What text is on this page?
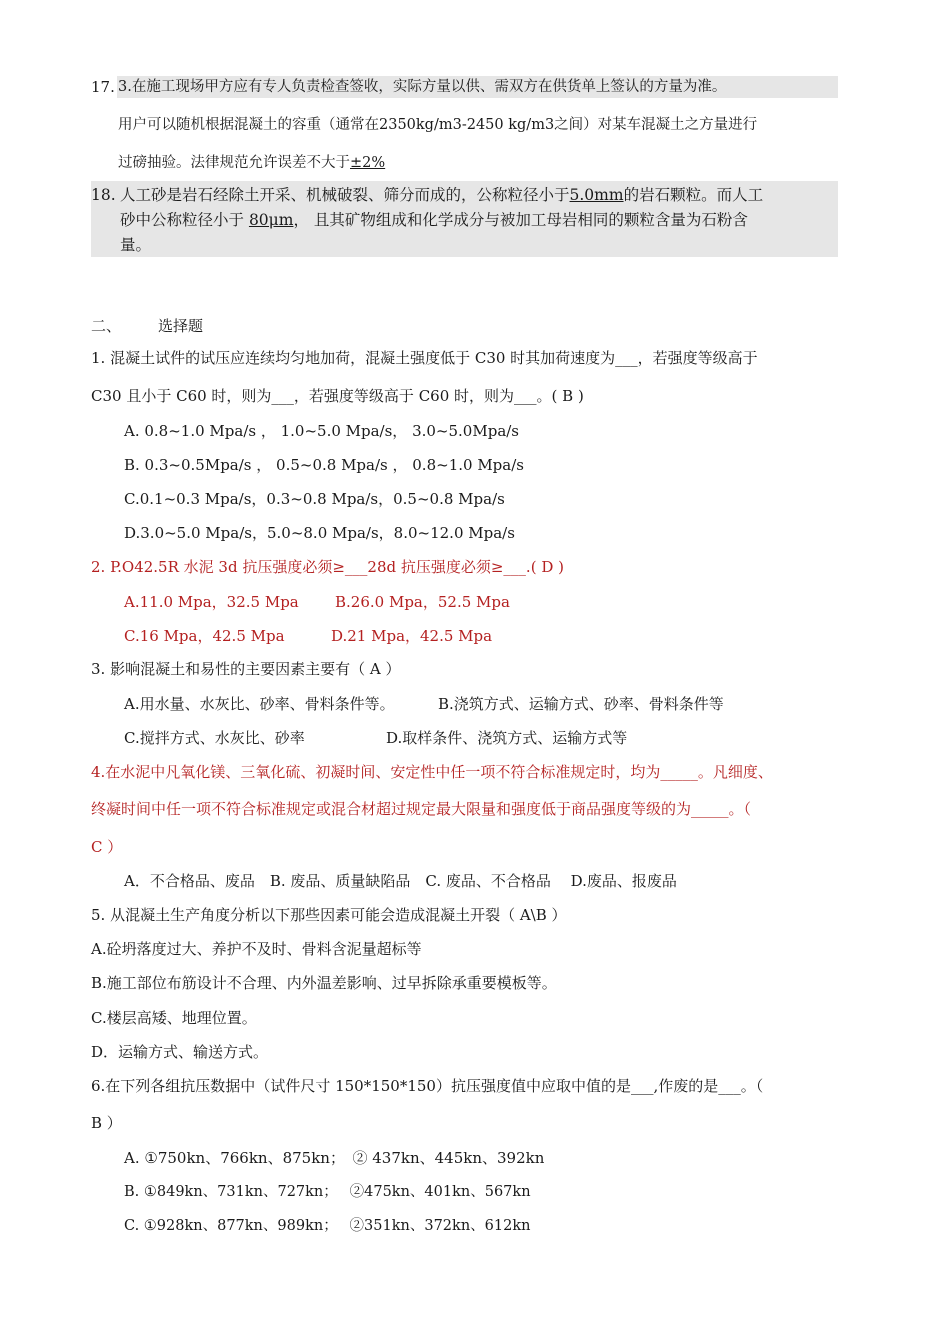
17. 3.在施工现场甲方应有专人负责检查签收，实际方量以供、需双方在供货单上签认的方量为准。
用户可以随机根据混凝土的容重（通常在2350kg/m3-2450 kg/m3之间）对某车混凝土之方量进行
过磅抽验。法律规范允许误差不大于±2%
18. 人工砂是岩石经除土开采、机械破裂、筛分而成的，公称粒径小于5.0mm的岩石颗粒。而人工
砂中公称粒径小于 80μm， 且其矿物组成和化学成分与被加工母岩相同的颗粒含量为石粉含
量。
二、 选择题
1. 混凝土试件的试压应连续均匀地加荷，混凝土强度低于 C30 时其加荷速度为___，若强度等级高于
C30 且小于 C60 时，则为___，若强度等级高于 C60 时，则为___。( B )
A. 0.8~1.0 Mpa/s ， 1.0~5.0 Mpa/s， 3.0~5.0Mpa/s
B. 0.3~0.5Mpa/s ， 0.5~0.8 Mpa/s ， 0.8~1.0 Mpa/s
C.0.1~0.3 Mpa/s，0.3~0.8 Mpa/s，0.5~0.8 Mpa/s
D.3.0~5.0 Mpa/s，5.0~8.0 Mpa/s，8.0~12.0 Mpa/s
2. P.O42.5R 水泥 3d 抗压强度必须≥___28d 抗压强度必须≥___.( D )
A.11.0 Mpa，32.5 Mpa B.26.0 Mpa，52.5 Mpa
C.16 Mpa，42.5 Mpa	D.21 Mpa，42.5 Mpa
3. 影响混凝土和易性的主要因素主要有（ A ）
A.用水量、水灰比、砂率、骨料条件等。	B.浇筑方式、运输方式、砂率、骨料条件等
C.搅拌方式、水灰比、砂率	D.取样条件、浇筑方式、运输方式等
4.在水泥中凡氧化镁、三氧化硫、初凝时间、安定性中任一项不符合标准规定时，均为_____。凡细度、
终凝时间中任一项不符合标准规定或混合材超过规定最大限量和强度低于商品强度等级的为_____。（
C ）
A．不合格品、废品　B. 废品、质量缺陷品　C. 废品、不合格品　 D.废品、报废品
5. 从混凝土生产角度分析以下那些因素可能会造成混凝土开裂（ A\B ）
A.砼坍落度过大、养护不及时、骨料含泥量超标等
B.施工部位布筋设计不合理、内外温差影响、过早拆除承重要模板等。
C.楼层高矮、地理位置。
D．运输方式、输送方式。
6.在下列各组抗压数据中（试件尺寸 150*150*150）抗压强度值中应取中值的是___,作废的是___。（
B ）
A. ①750kn、766kn、875kn；　② 437kn、445kn、392kn
B. ①849kn、731kn、727kn；　 ②475kn、401kn、567kn
C. ①928kn、877kn、989kn；　 ②351kn、372kn、612kn
